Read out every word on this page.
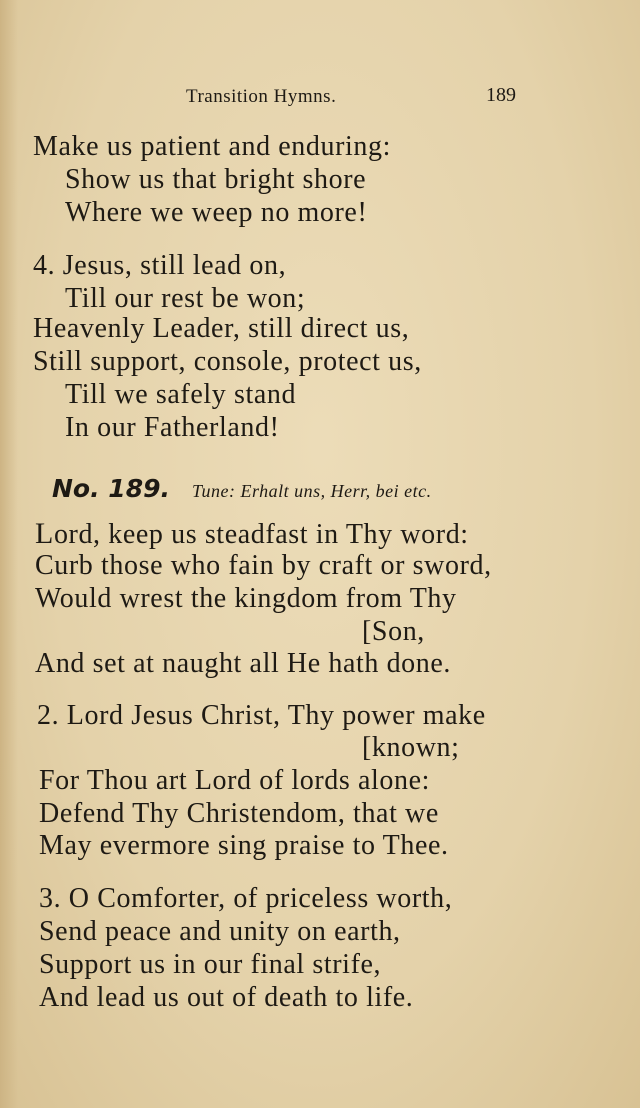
Transition Hymns.	189
Make us patient and enduring:
Show us that bright shore
Where we weep no more!
4. Jesus, still lead on,
Till our rest be won;
Heavenly Leader, still direct us,
Still support, console, protect us,
Till we safely stand
In our Fatherland!
No. 189. Tune: Erhalt uns, Herr, bei etc.
Lord, keep us steadfast in Thy word:
Curb those who fain by craft or sword,
Would wrest the kingdom from Thy
[Son,
And set at naught all He hath done.
2. Lord Jesus Christ, Thy power make
[known;
For Thou art Lord of lords alone:
Defend Thy Christendom, that we
May evermore sing praise to Thee.
3. O Comforter, of priceless worth,
Send peace and unity on earth,
Support us in our final strife,
And lead us out of death to life.
